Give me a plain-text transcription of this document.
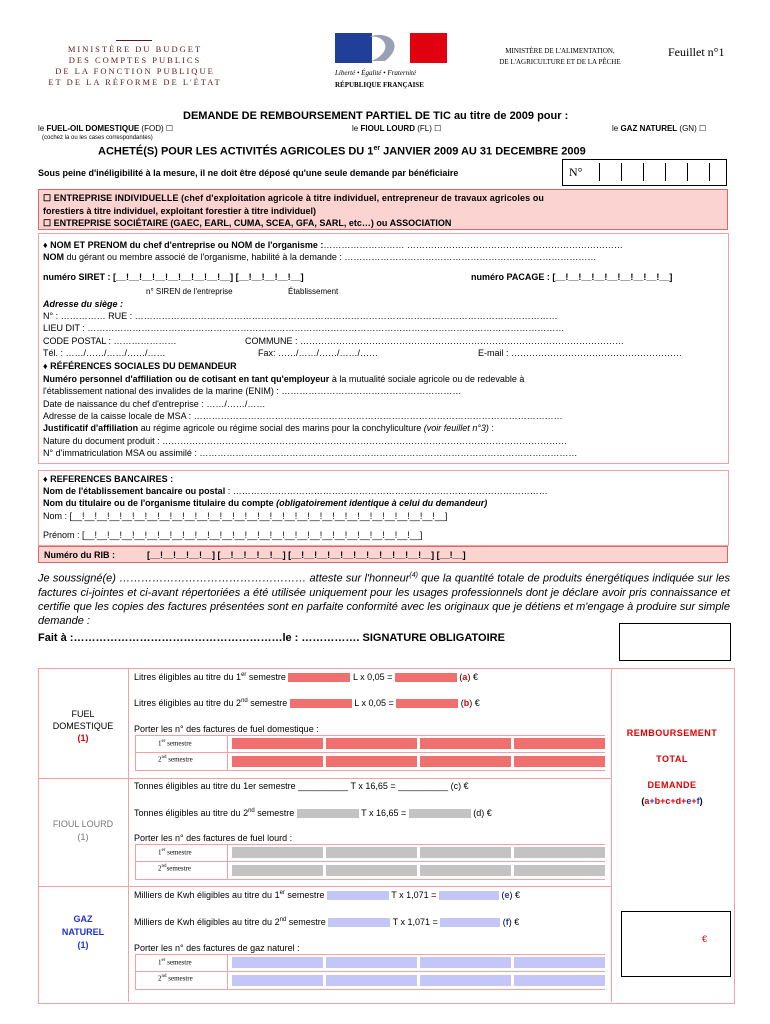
MINISTÈRE DU BUDGET
DES COMPTES PUBLICS
DE LA FONCTION PUBLIQUE
ET DE LA RÉFORME DE L'ÉTAT
Liberté • Égalité • Fraternité
RÉPUBLIQUE FRANÇAISE
MINISTÈRE DE L'ALIMENTATION,
DE L'AGRICULTURE ET DE LA PÊCHE
Feuillet n°1
DEMANDE DE REMBOURSEMENT PARTIEL DE TIC au titre de 2009 pour :
le FUEL-OIL DOMESTIQUE (FOD) ☐	le FIOUL LOURD (FL) ☐	le GAZ NATUREL (GN) ☐
(cochez la ou les cases correspondantes)
ACHETÉ(S) POUR LES ACTIVITÉS AGRICOLES DU 1er JANVIER 2009 AU 31 DECEMBRE 2009
Sous peine d'inéligibilité à la mesure, il ne doit être déposé qu'une seule demande par bénéficiaire	N°
☐ ENTREPRISE INDIVIDUELLE (chef d'exploitation agricole à titre individuel, entrepreneur de travaux agricoles ou
forestiers à titre individuel, exploitant forestier à titre individuel)
☐ ENTREPRISE SOCIÉTAIRE (GAEC, EARL, CUMA, SCEA, GFA, SARL, etc…) ou ASSOCIATION
♦ NOM ET PRENOM du chef d'entreprise ou NOM de l'organisme :……………………… ………………………………………………………………
NOM du gérant ou membre associé de l'organisme, habilité à la demande : …………………………………………………………………………
numéro SIRET : [__!__!__!__!__!__!__!__!__] [__!__!__!__!__]	numéro PACAGE : [__!__!__!__!__!__!__!__!__]
n° SIREN de l'entreprise	Établissement
Adresse du siège :
N° : …………… RUE : ……………………………………………………………………………………………………………………………
LIEU DIT : ……………………………………………………………………………………………………………………………………………
CODE POSTAL : …………………	COMMUNE : ………………………………………………………………………………………………
Tél. : ……/……/……/……/……	Fax: ……/……/……/……/……	E-mail : …………………………………………………
♦ RÉFÉRENCES SOCIALES DU DEMANDEUR
Numéro personnel d'affiliation ou de cotisant en tant qu'employeur à la mutualité sociale agricole ou de redevable à
l'établissement national des invalides de la marine (ENIM) : ……………………………………………………
Date de naissance du chef d'entreprise : ……/……/……
Adresse de la caisse locale de MSA : ……………………………………………………………………………………………………………
Justificatif d'affiliation au régime agricole ou régime social des marins pour la conchyliculture (voir feuillet n°3) :
Nature du document produit : ………………………………………………………………………………………………………………………
N° d'immatriculation MSA ou assimilé : ………………………………………………………………………………………………………………
♦ REFERENCES BANCAIRES :
Nom de l'établissement bancaire ou postal : ……………………………………………………………………………………………
Nom du titulaire ou de l'organisme titulaire du compte (obligatoirement identique à celui du demandeur)
Nom : [__!__!__!__!__!__!__!__!__!__!__!__!__!__!__!__!__!__!__!__!__!__!__!__!__!__!__!__!__!__]
Prénom : [__!__!__!__!__!__!__!__!__!__!__!__!__!__!__!__!__!__!__!__!__!__!__!__!__!__!__]
Numéro du RIB :	[__!__!__!__!__] [__!__!__!__!__] [__!__!__!__!__!__!__!__!__!__!__] [__!__]
Je soussigné(e) …………………………………………… atteste sur l'honneur$^{(4)}$ que la quantité totale de produits énergétiques indiquée sur les factures ci-jointes et ci-avant répertoriées a été utilisée uniquement pour les usages professionnels dont je déclare avoir pris connaissance et certifie que les copies des factures présentées sont en parfaite conformité avec les originaux que je détiens et m'engage à produire sur simple demande :
Fait à :…………………………………………………le : ……………. SIGNATURE OBLIGATOIRE
FUEL
DOMESTIQUE
(1)
Litres éligibles au titre du 1er semestre	L x 0,05 =	(a) €
Litres éligibles au titre du 2nd semestre	L x 0,05 =	(b) €
Porter les n° des factures de fuel domestique :
1er semestre
2nd semestre
FIOUL LOURD
(1)
Tonnes éligibles au titre du 1er semestre __________ T x 16,65 = __________ (c) €
Tonnes éligibles au titre du 2nd semestre	T x 16,65 =	(d) €
Porter les n° des factures de fuel lourd :
1er semestre
2ndsemestre
GAZ
NATUREL
(1)
Milliers de Kwh éligibles au titre du 1er semestre	T x 1,071 =	(e) €
Milliers de Kwh éligibles au titre du 2nd semestre	T x 1,071 =	(f) €
Porter les n° des factures de gaz naturel :
1er semestre
2nd semestre
REMBOURSEMENT
TOTAL
DEMANDE
(a+b+c+d+e+f)
€
